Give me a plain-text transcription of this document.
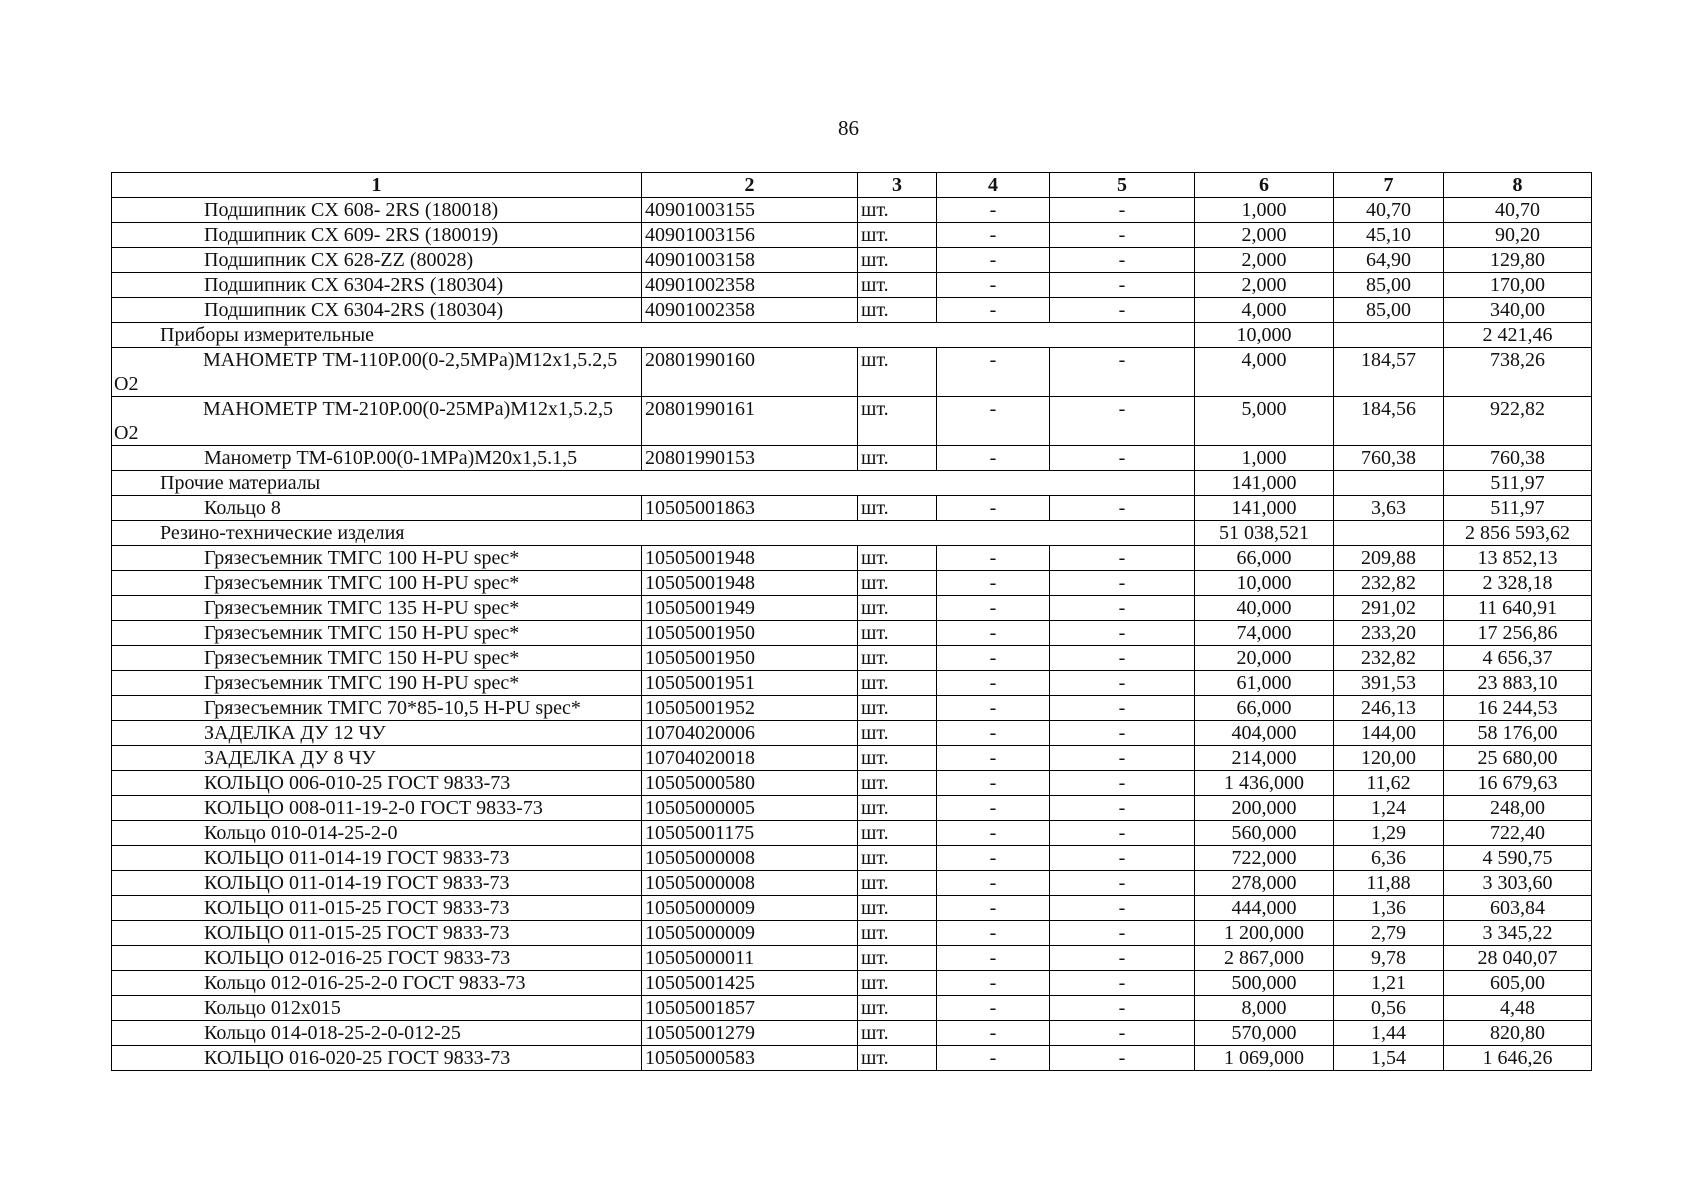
86
1	2	3	4	5	6	7	8
Подшипник CX 608- 2RS (180018)	40901003155	шт.	-	-	1,000	40,70	40,70
Подшипник CX 609- 2RS (180019)	40901003156	шт.	-	-	2,000	45,10	90,20
Подшипник CX 628-ZZ (80028)	40901003158	шт.	-	-	2,000	64,90	129,80
Подшипник CX 6304-2RS (180304)	40901002358	шт.	-	-	2,000	85,00	170,00
Подшипник CX 6304-2RS (180304)	40901002358	шт.	-	-	4,000	85,00	340,00
Приборы измерительные					10,000		2 421,46
МАНОМЕТР ТМ-110Р.00(0-2,5MPa)M12x1,5.2,5 O2	20801990160	шт.	-	-	4,000	184,57	738,26
МАНОМЕТР ТМ-210Р.00(0-25MPa)M12x1,5.2,5 O2	20801990161	шт.	-	-	5,000	184,56	922,82
Манометр ТМ-610Р.00(0-1MPa)M20x1,5.1,5	20801990153	шт.	-	-	1,000	760,38	760,38
Прочие материалы					141,000		511,97
Кольцо 8	10505001863	шт.	-	-	141,000	3,63	511,97
Резино-технические изделия					51 038,521		2 856 593,62
Грязесъемник ТМГС 100 H-PU spec*	10505001948	шт.	-	-	66,000	209,88	13 852,13
Грязесъемник ТМГС 100 H-PU spec*	10505001948	шт.	-	-	10,000	232,82	2 328,18
Грязесъемник ТМГС 135 H-PU spec*	10505001949	шт.	-	-	40,000	291,02	11 640,91
Грязесъемник ТМГС 150 H-PU spec*	10505001950	шт.	-	-	74,000	233,20	17 256,86
Грязесъемник ТМГС 150 H-PU spec*	10505001950	шт.	-	-	20,000	232,82	4 656,37
Грязесъемник ТМГС 190 H-PU spec*	10505001951	шт.	-	-	61,000	391,53	23 883,10
Грязесъемник ТМГС 70*85-10,5 H-PU spec*	10505001952	шт.	-	-	66,000	246,13	16 244,53
ЗАДЕЛКА ДУ 12 ЧУ	10704020006	шт.	-	-	404,000	144,00	58 176,00
ЗАДЕЛКА ДУ 8 ЧУ	10704020018	шт.	-	-	214,000	120,00	25 680,00
КОЛЬЦО 006-010-25 ГОСТ 9833-73	10505000580	шт.	-	-	1 436,000	11,62	16 679,63
КОЛЬЦО 008-011-19-2-0 ГОСТ 9833-73	10505000005	шт.	-	-	200,000	1,24	248,00
Кольцо 010-014-25-2-0	10505001175	шт.	-	-	560,000	1,29	722,40
КОЛЬЦО 011-014-19 ГОСТ 9833-73	10505000008	шт.	-	-	722,000	6,36	4 590,75
КОЛЬЦО 011-014-19 ГОСТ 9833-73	10505000008	шт.	-	-	278,000	11,88	3 303,60
КОЛЬЦО 011-015-25 ГОСТ 9833-73	10505000009	шт.	-	-	444,000	1,36	603,84
КОЛЬЦО 011-015-25 ГОСТ 9833-73	10505000009	шт.	-	-	1 200,000	2,79	3 345,22
КОЛЬЦО 012-016-25 ГОСТ 9833-73	10505000011	шт.	-	-	2 867,000	9,78	28 040,07
Кольцо 012-016-25-2-0 ГОСТ 9833-73	10505001425	шт.	-	-	500,000	1,21	605,00
Кольцо 012x015	10505001857	шт.	-	-	8,000	0,56	4,48
Кольцо 014-018-25-2-0-012-25	10505001279	шт.	-	-	570,000	1,44	820,80
КОЛЬЦО 016-020-25 ГОСТ 9833-73	10505000583	шт.	-	-	1 069,000	1,54	1 646,26
